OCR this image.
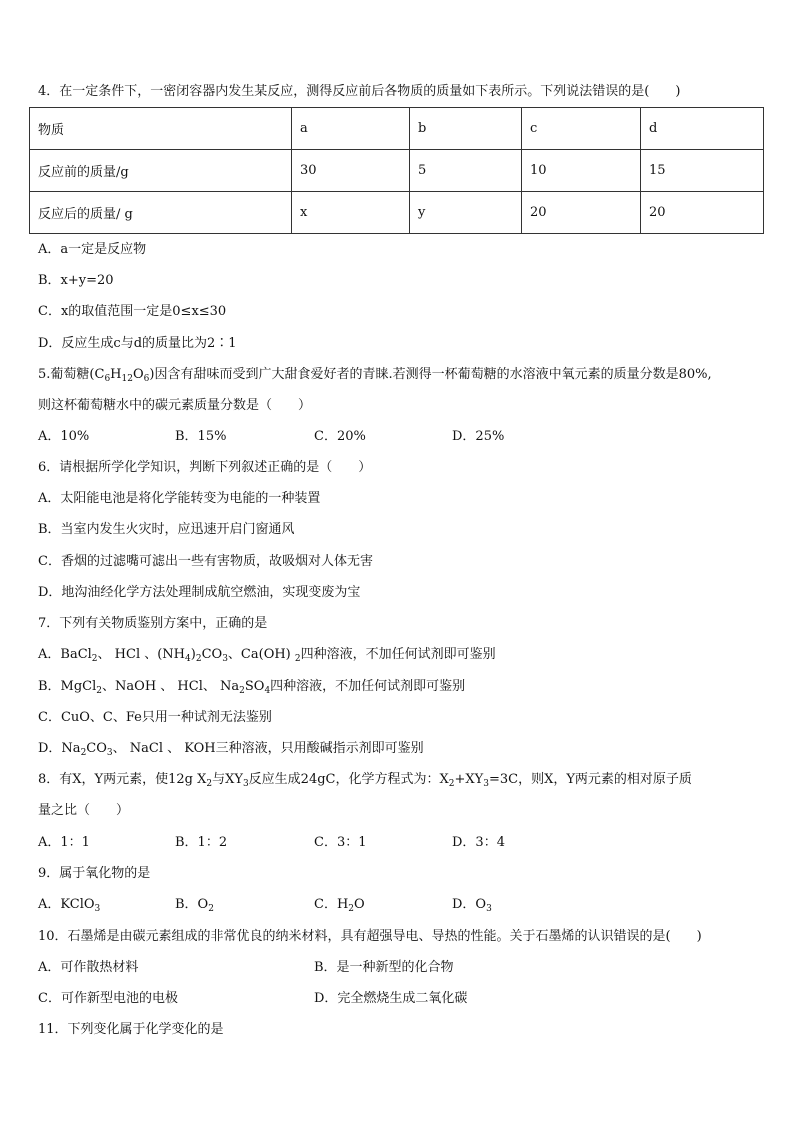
4．在一定条件下，一密闭容器内发生某反应，测得反应前后各物质的质量如下表所示。下列说法错误的是(　　)
物质	a	b	c	d
反应前的质量/g	30	5	10	15
反应后的质量/ g	x	y	20	20
A．a一定是反应物
B．x+y=20
C．x的取值范围一定是0≤x≤30
D．反应生成c与d的质量比为2∶1
5.葡萄糖$(C_6H_{12}O_6)$因含有甜味而受到广大甜食爱好者的青睐.若测得一杯葡萄糖的水溶液中氧元素的质量分数是80%,
则这杯葡萄糖水中的碳元素质量分数是（　　）
A．10%	B．15%	C．20%	D．25%
6．请根据所学化学知识，判断下列叙述正确的是（　　）
A．太阳能电池是将化学能转变为电能的一种装置
B．当室内发生火灾时，应迅速开启门窗通风
C．香烟的过滤嘴可滤出一些有害物质，故吸烟对人体无害
D．地沟油经化学方法处理制成航空燃油，实现变废为宝
7．下列有关物质鉴别方案中，正确的是
A．BaCl$_2$、 HCl 、$(NH_4)_2CO_3$、Ca(OH) $_2$四种溶液，不加任何试剂即可鉴别
B．MgCl$_2$、NaOH 、 HCl、 $Na_2SO_4$四种溶液，不加任何试剂即可鉴别
C．CuO、C、Fe只用一种试剂无法鉴别
D．$Na_2CO_3$、 NaCl 、 KOH三种溶液，只用酸碱指示剂即可鉴别
8．有X，Y两元素，使12g $X_2$与$XY_3$反应生成24gC，化学方程式为：$X_2+XY_3=3C$，则X，Y两元素的相对原子质
量之比（　　）
A．1：1	B．1：2	C．3：1	D．3：4
9．属于氧化物的是
A．KClO$_3$	B．$O_2$	C．$H_2O$	D．$O_3$
10．石墨烯是由碳元素组成的非常优良的纳米材料，具有超强导电、导热的性能。关于石墨烯的认识错误的是(　　)
A．可作散热材料	B．是一种新型的化合物
C．可作新型电池的电极	D．完全燃烧生成二氧化碳
11．下列变化属于化学变化的是
